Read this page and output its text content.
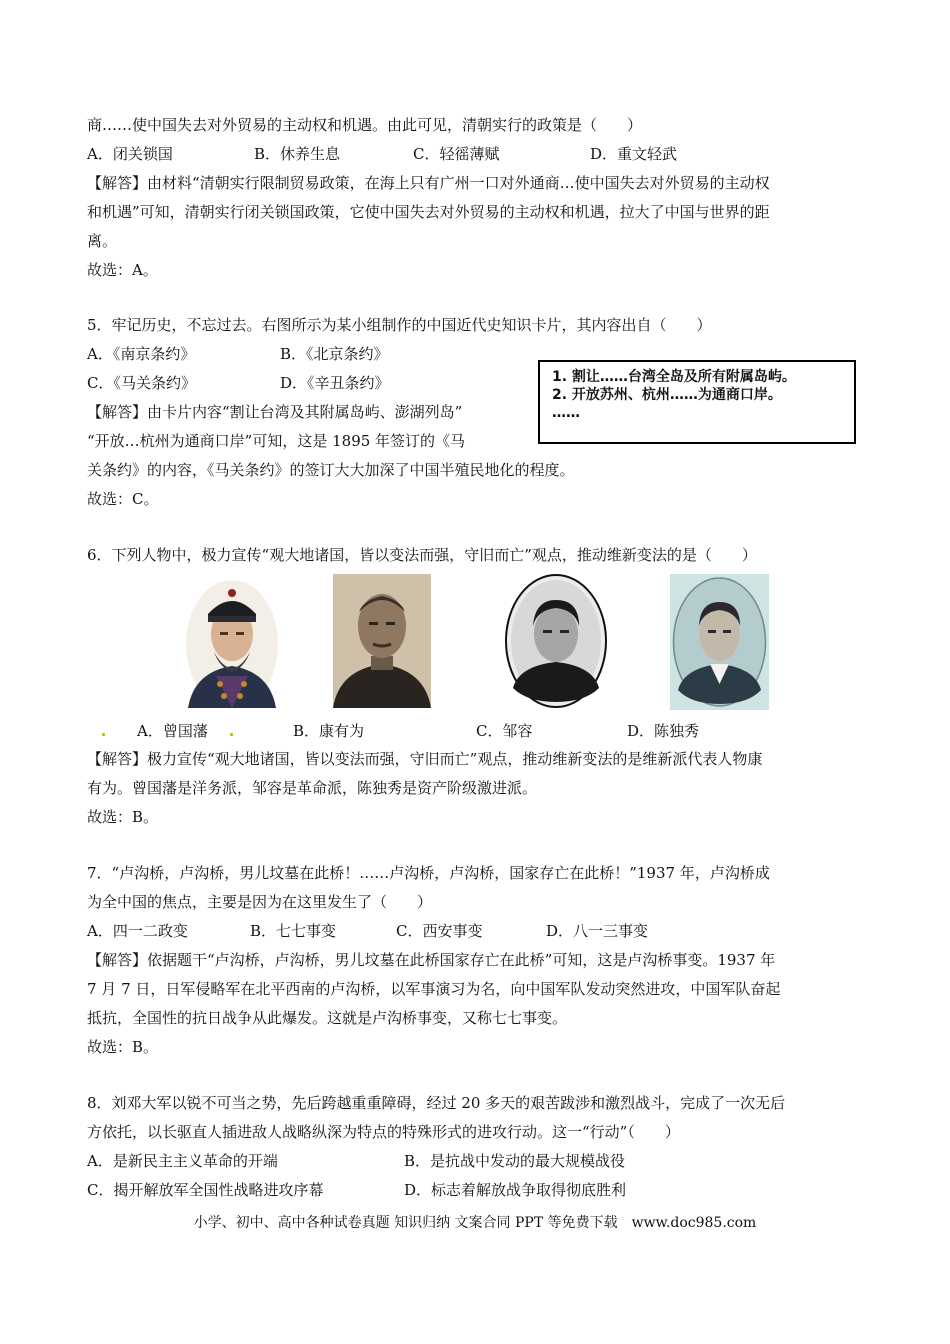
商……使中国失去对外贸易的主动权和机遇。由此可见，清朝实行的政策是（　　）
A．闭关锁国	B．休养生息	C．轻徭薄赋	D．重文轻武
【解答】由材料“清朝实行限制贸易政策，在海上只有广州一口对外通商…使中国失去对外贸易的主动权
和机遇”可知，清朝实行闭关锁国政策，它使中国失去对外贸易的主动权和机遇，拉大了中国与世界的距
离。
故选：A。
5．牢记历史，不忘过去。右图所示为某小组制作的中国近代史知识卡片，其内容出自（　　）
A．《南京条约》	B．《北京条约》
C．《马关条约》	D．《辛丑条约》
【解答】由卡片内容“割让台湾及其附属岛屿、澎湖列岛”
“开放…杭州为通商口岸”可知，这是 1895 年签订的《马
关条约》的内容，《马关条约》的签订大大加深了中国半殖民地化的程度。
故选：C。
1. 割让……台湾全岛及所有附属岛屿。
2. 开放苏州、杭州……为通商口岸。
……
6．下列人物中，极力宣传“观大地诸国，皆以变法而强，守旧而亡”观点，推动维新变法的是（　　）
A．曾国藩	B．康有为	C．邹容	D．陈独秀
【解答】极力宣传“观大地诸国，皆以变法而强，守旧而亡”观点，推动维新变法的是维新派代表人物康
有为。曾国藩是洋务派，邹容是革命派，陈独秀是资产阶级激进派。
故选：B。
7．“卢沟桥，卢沟桥，男儿坟墓在此桥！……卢沟桥，卢沟桥，国家存亡在此桥！”1937 年，卢沟桥成
为全中国的焦点，主要是因为在这里发生了（　　）
A．四一二政变	B．七七事变	C．西安事变	D．八一三事变
【解答】依据题干“卢沟桥，卢沟桥，男儿坟墓在此桥国家存亡在此桥”可知，这是卢沟桥事变。1937 年
7 月 7 日，日军侵略军在北平西南的卢沟桥，以军事演习为名，向中国军队发动突然进攻，中国军队奋起
抵抗，全国性的抗日战争从此爆发。这就是卢沟桥事变，又称七七事变。
故选：B。
8．刘邓大军以锐不可当之势，先后跨越重重障碍，经过 20 多天的艰苦跋涉和激烈战斗，完成了一次无后
方依托，以长驱直人插进敌人战略纵深为特点的特殊形式的进攻行动。这一“行动”（　　）
A．是新民主主义革命的开端	B．是抗战中发动的最大规模战役
C．揭开解放军全国性战略进攻序幕	D．标志着解放战争取得彻底胜利
小学、初中、高中各种试卷真题 知识归纳 文案合同 PPT 等免费下载　www.doc985.com
